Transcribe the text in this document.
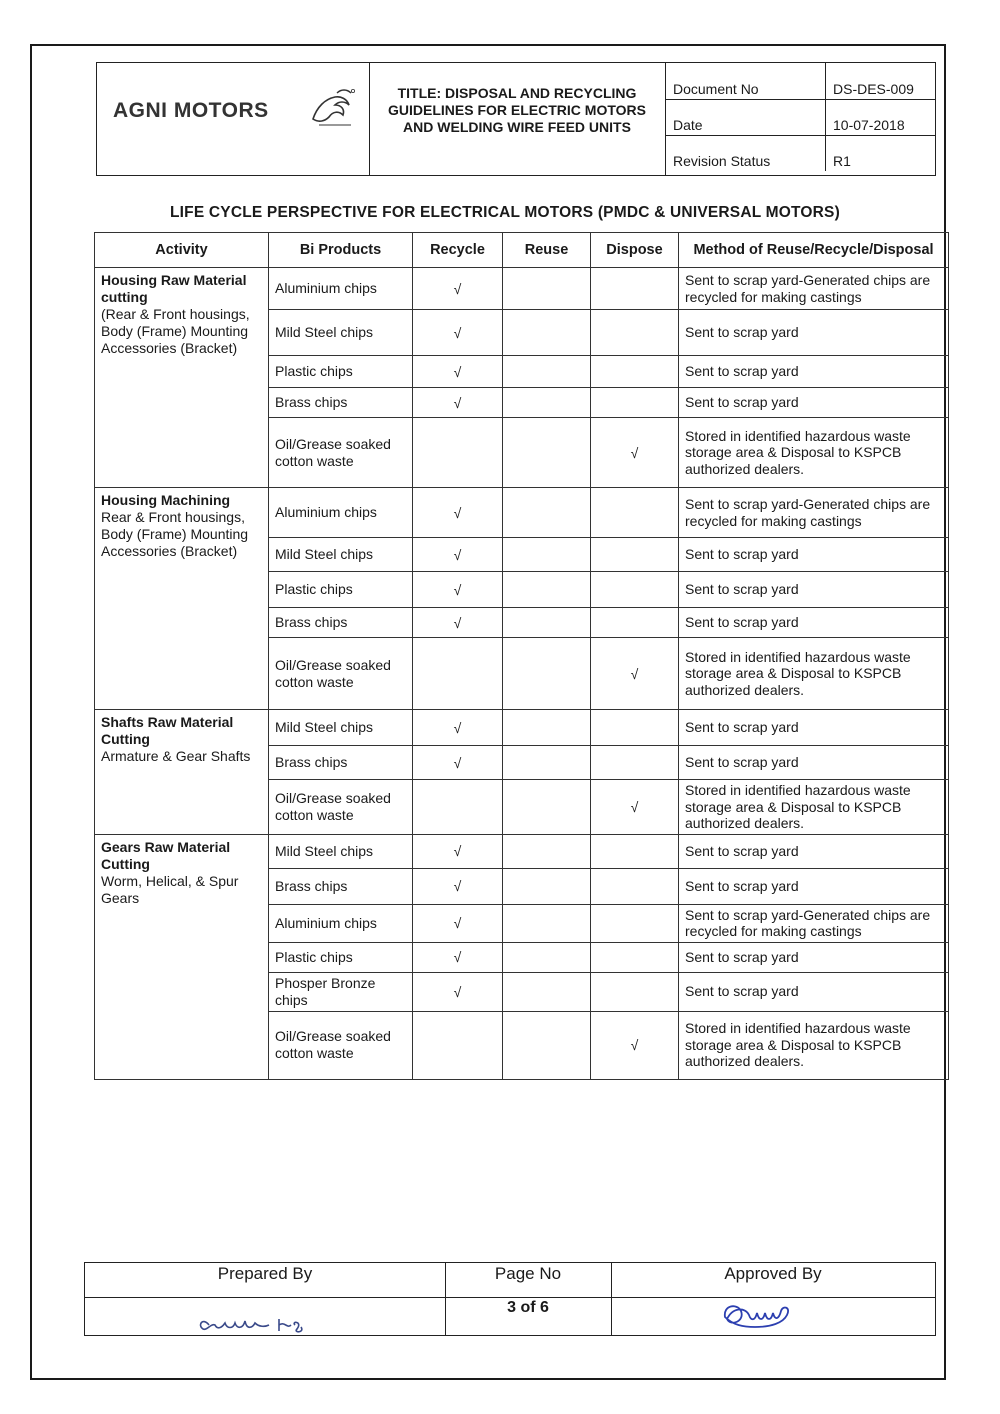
AGNI MOTORS
TITLE: DISPOSAL AND RECYCLING GUIDELINES FOR ELECTRIC MOTORS AND WELDING WIRE FEED UNITS
Document No	DS-DES-009
Date	10-07-2018
Revision Status	R1
LIFE CYCLE PERSPECTIVE FOR ELECTRICAL MOTORS (PMDC & UNIVERSAL MOTORS)
Activity	Bi Products	Recycle	Reuse	Dispose	Method of Reuse/Recycle/Disposal

Housing Raw Material cutting
(Rear & Front housings, Body (Frame) Mounting Accessories (Bracket)	Aluminium chips	√			Sent to scrap yard-Generated chips are recycled for making castings
	Mild Steel chips	√			Sent to scrap yard
	Plastic chips	√			Sent to scrap yard
	Brass chips	√			Sent to scrap yard
	Oil/Grease soaked cotton waste			√	Stored in identified hazardous waste storage area & Disposal to KSPCB authorized dealers.

Housing Machining
Rear & Front housings, Body (Frame) Mounting Accessories (Bracket)	Aluminium chips	√			Sent to scrap yard-Generated chips are recycled for making castings
	Mild Steel chips	√			Sent to scrap yard
	Plastic chips	√			Sent to scrap yard
	Brass chips	√			Sent to scrap yard
	Oil/Grease soaked cotton waste			√	Stored in identified hazardous waste storage area & Disposal to KSPCB authorized dealers.

Shafts Raw Material Cutting
Armature & Gear Shafts	Mild Steel chips	√			Sent to scrap yard
	Brass chips	√			Sent to scrap yard
	Oil/Grease soaked cotton waste			√	Stored in identified hazardous waste storage area & Disposal to KSPCB authorized dealers.

Gears Raw Material Cutting
Worm, Helical, & Spur Gears	Mild Steel chips	√			Sent to scrap yard
	Brass chips	√			Sent to scrap yard
	Aluminium chips	√			Sent to scrap yard-Generated chips are recycled for making castings
	Plastic chips	√			Sent to scrap yard
	Phosper Bronze chips	√			Sent to scrap yard
	Oil/Grease soaked cotton waste			√	Stored in identified hazardous waste storage area & Disposal to KSPCB authorized dealers.
Prepared By	Page No
3 of 6
Approved By
